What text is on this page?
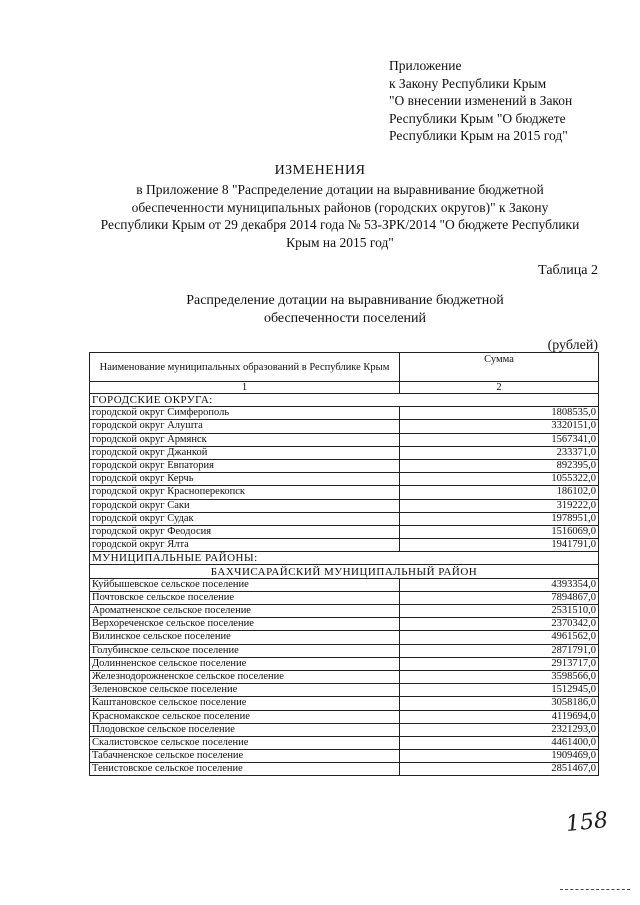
Приложение
к Закону Республики Крым
"О внесении изменений в Закон
Республики Крым "О бюджете
Республики Крым на 2015 год"
ИЗМЕНЕНИЯ
в Приложение 8 "Распределение дотации на выравнивание бюджетной обеспеченности муниципальных районов (городских округов)" к Закону Республики Крым от 29 декабря 2014 года № 53-ЗРК/2014 "О бюджете Республики Крым на 2015 год"
Таблица 2
Распределение дотации на выравнивание бюджетной обеспеченности поселений
(рублей)
Наименование муниципальных образований в Республике Крым	Сумма
1	2
ГОРОДСКИЕ ОКРУГА:	
городской округ Симферополь	1808535,0
городской округ Алушта	3320151,0
городской округ Армянск	1567341,0
городской округ Джанкой	233371,0
городской округ Евпатория	892395,0
городской округ Керчь	1055322,0
городской округ Красноперекопск	186102,0
городской округ Саки	319222,0
городской округ Судак	1978951,0
городской округ Феодосия	1516069,0
городской округ Ялта	1941791,0
МУНИЦИПАЛЬНЫЕ РАЙОНЫ:	
БАХЧИСАРАЙСКИЙ МУНИЦИПАЛЬНЫЙ РАЙОН	
Куйбышевское сельское поселение	4393354,0
Почтовское сельское поселение	7894867,0
Ароматненское сельское поселение	2531510,0
Верхореченское сельское поселение	2370342,0
Вилинское сельское поселение	4961562,0
Голубинское сельское поселение	2871791,0
Долинненское сельское поселение	2913717,0
Железнодорожненское сельское поселение	3598566,0
Зеленовское сельское поселение	1512945,0
Каштановское сельское поселение	3058186,0
Красномакское сельское поселение	4119694,0
Плодовское сельское поселение	2321293,0
Скалистовское сельское поселение	4461400,0
Табачненское сельское поселение	1909469,0
Тенистовское сельское поселение	2851467,0
158
